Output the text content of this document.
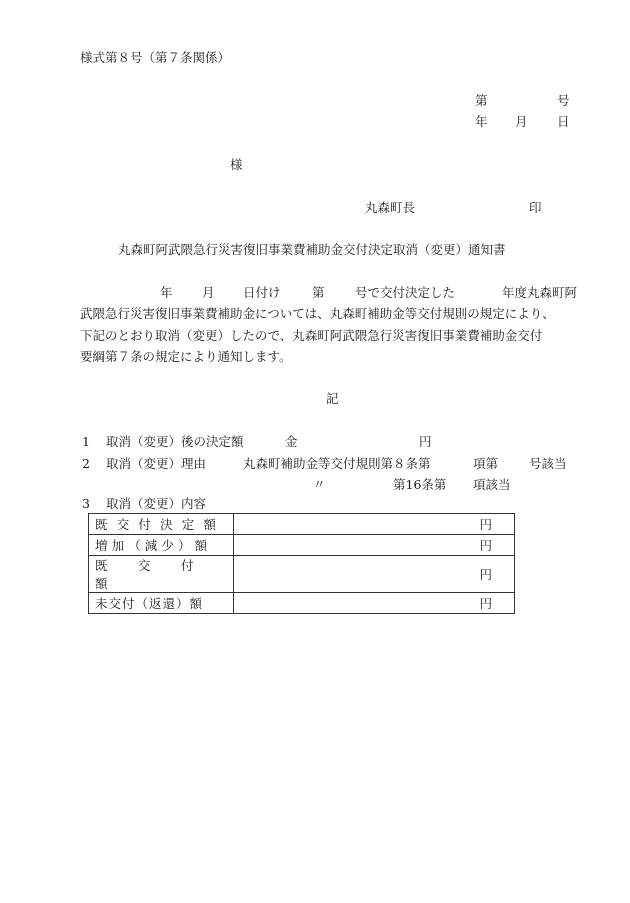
様式第８号（第７条関係）
第	号
年 月 日
様
丸森町長	印
丸森町阿武隈急行災害復旧事業費補助金交付決定取消（変更）通知書
年 月 日付け	第 号で交付決定した	年度丸森町阿
武隈急行災害復旧事業費補助金については、丸森町補助金等交付規則の規定により、
下記のとおり取消（変更）したので、丸森町阿武隈急行災害復旧事業費補助金交付
要綱第７条の規定により通知します。
記
1 取消（変更）後の決定額	金	円
2 取消（変更）理由	丸森町補助金等交付規則第８条第	項第 号該当
〃	第16条第 項該当
3 取消（変更）内容
既交付決定額	円
増加（減少）額	円
既交付額	円
未交付（返還）額	円
